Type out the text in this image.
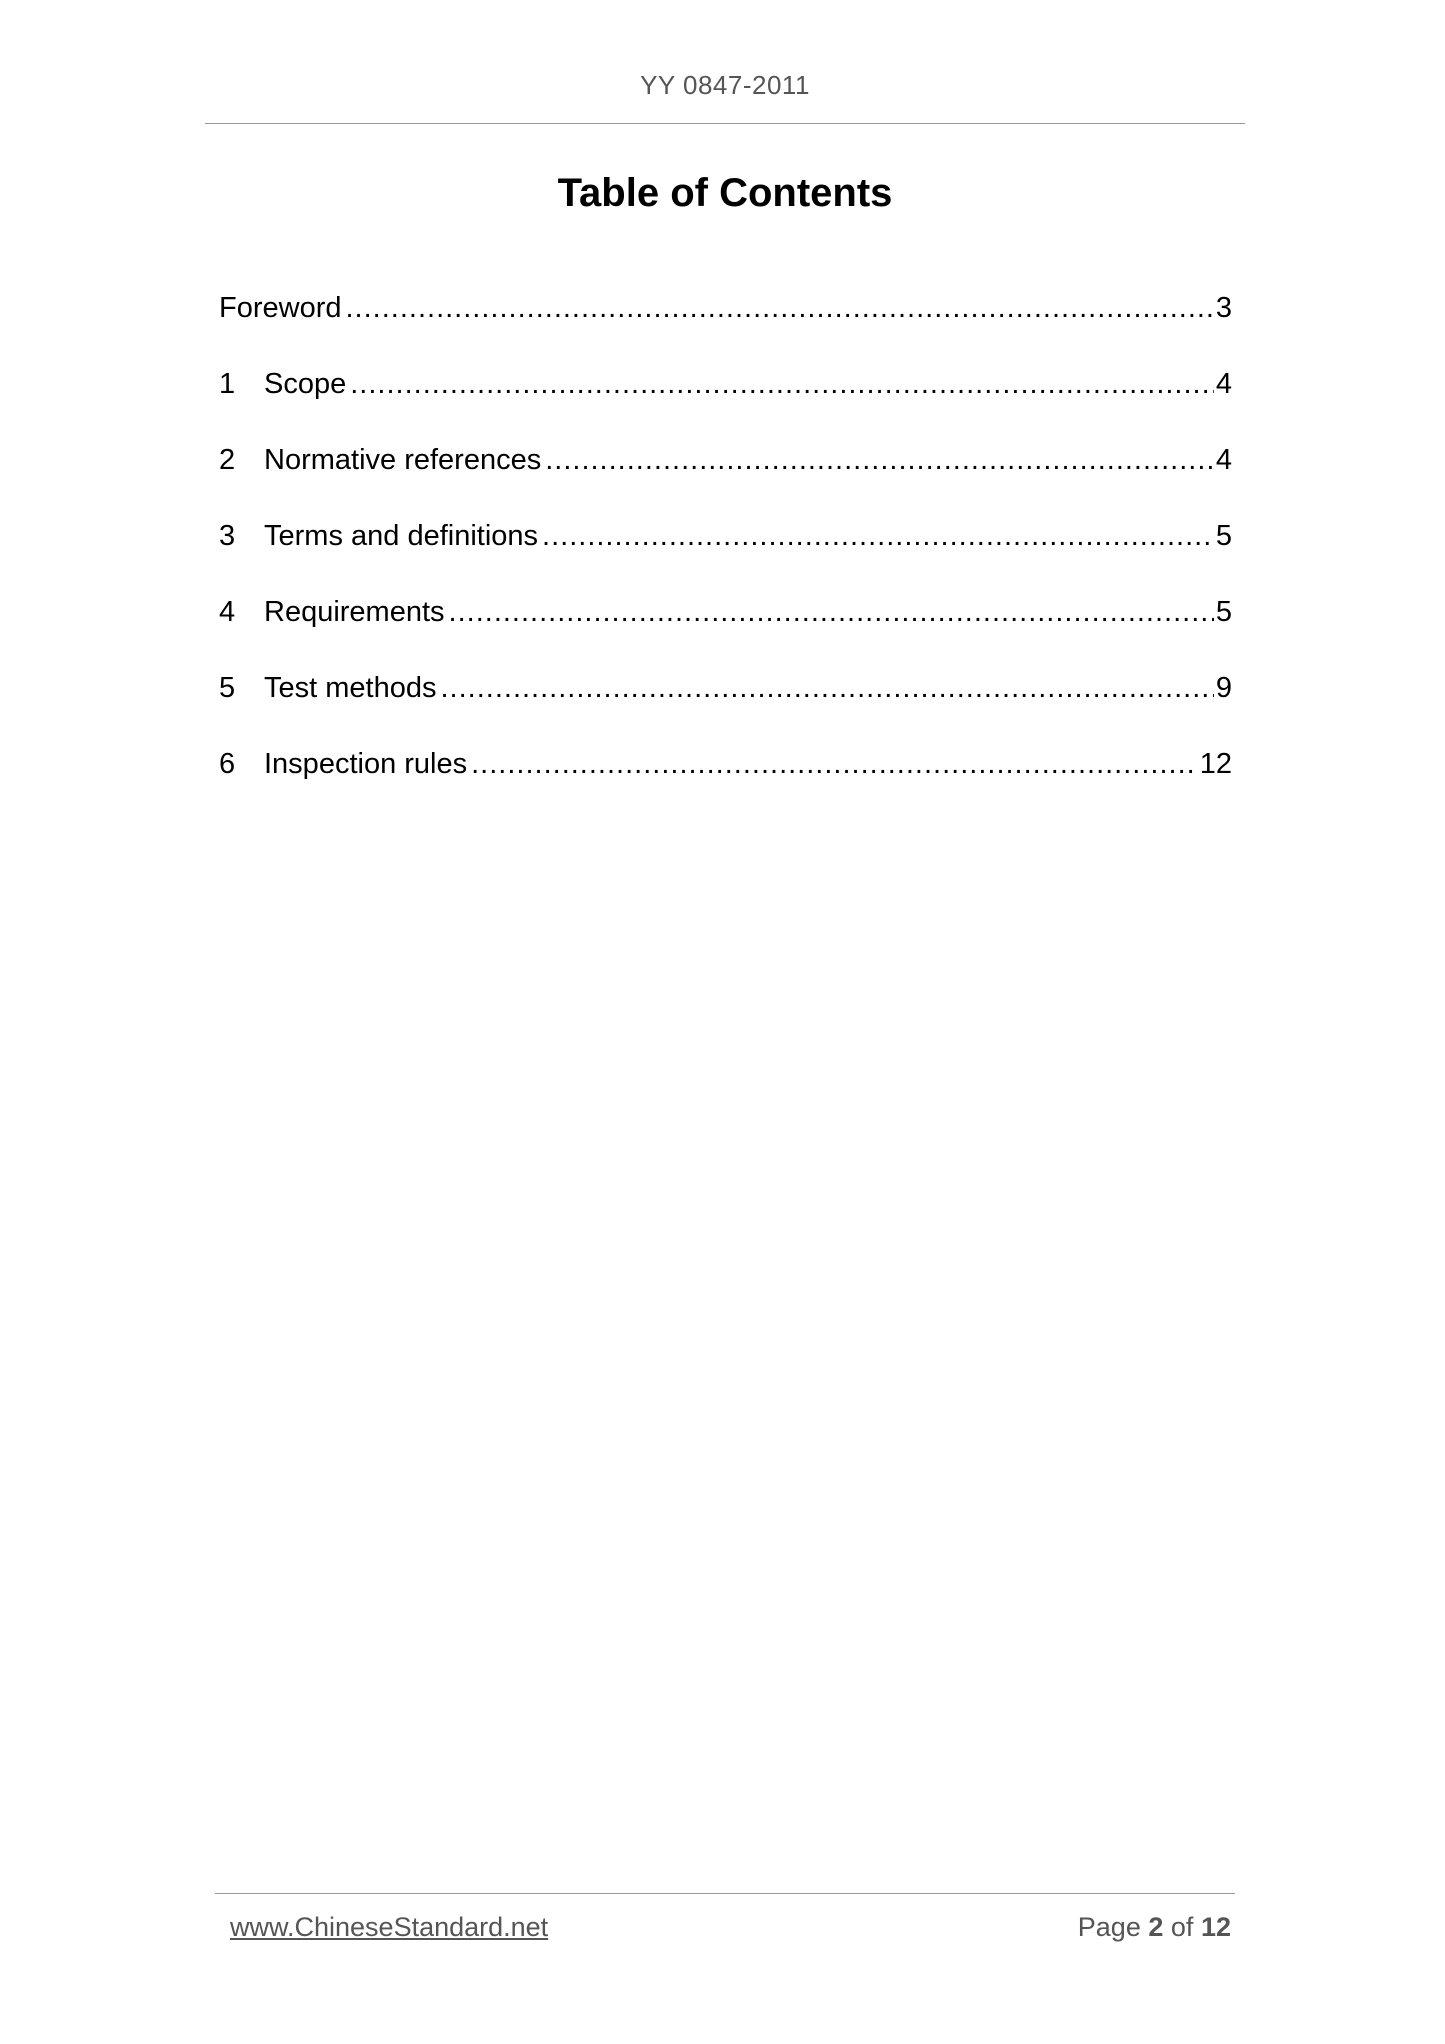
YY 0847-2011
Table of Contents
Foreword .....	3
1 Scope .....	4
2 Normative references .....	4
3 Terms and definitions .....	5
4 Requirements .....	5
5 Test methods .....	9
6 Inspection rules .....	12
www.ChineseStandard.net	Page 2 of 12
